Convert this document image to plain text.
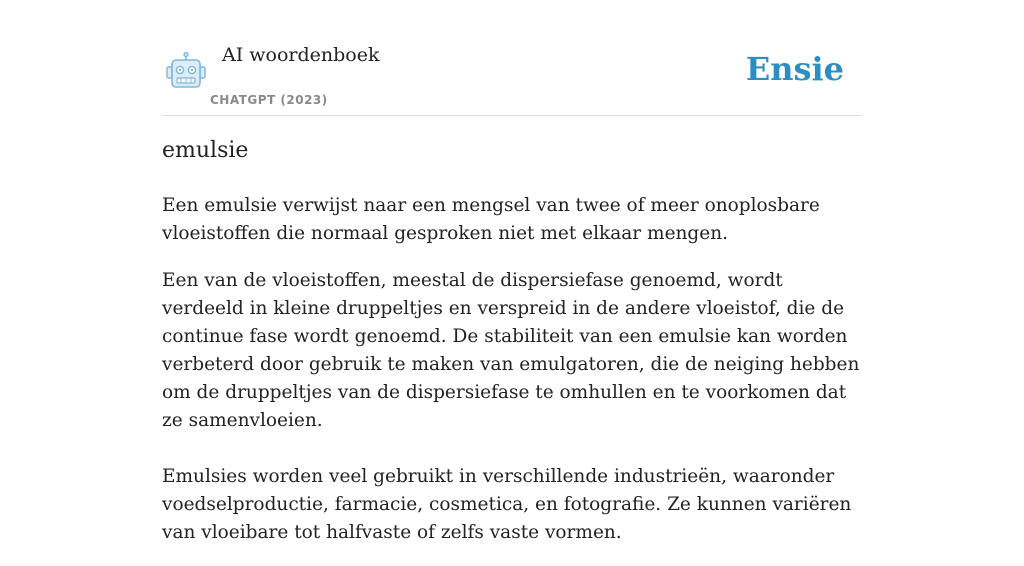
AI woordenboek
CHATGPT (2023)
Ensie
emulsie

Een emulsie verwijst naar een mengsel van twee of meer onoplosbare vloeistoffen die normaal gesproken niet met elkaar mengen.

Een van de vloeistoffen, meestal de dispersiefase genoemd, wordt verdeeld in kleine druppeltjes en verspreid in de andere vloeistof, die de continue fase wordt genoemd. De stabiliteit van een emulsie kan worden verbeterd door gebruik te maken van emulgatoren, die de neiging hebben om de druppeltjes van de dispersiefase te omhullen en te voorkomen dat ze samenvloeien.

Emulsies worden veel gebruikt in verschillende industrieën, waaronder voedselproductie, farmacie, cosmetica, en fotografie. Ze kunnen variëren van vloeibare tot halfvaste of zelfs vaste vormen.
